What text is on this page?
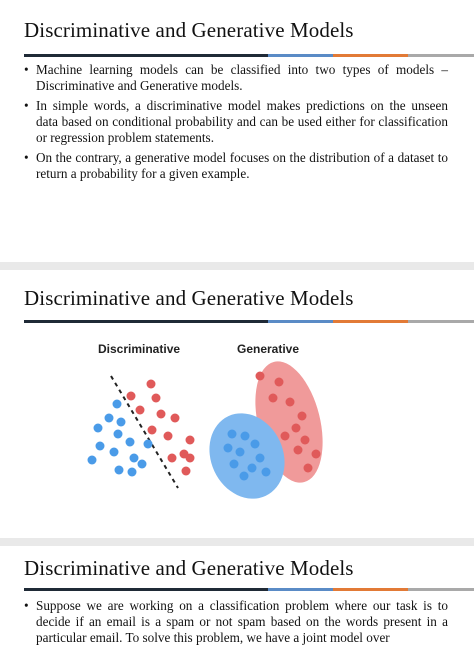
Discriminative and Generative Models
• Machine learning models can be classified into two types of models – Discriminative and Generative models.
• In simple words, a discriminative model makes predictions on the unseen data based on conditional probability and can be used either for classification or regression problem statements.
• On the contrary, a generative model focuses on the distribution of a dataset to return a probability for a given example.
Discriminative and Generative Models
Discriminative	Generative
Discriminative and Generative Models
• Suppose we are working on a classification problem where our task is to decide if an email is a spam or not spam based on the words present in a particular email. To solve this problem, we have a joint model over
